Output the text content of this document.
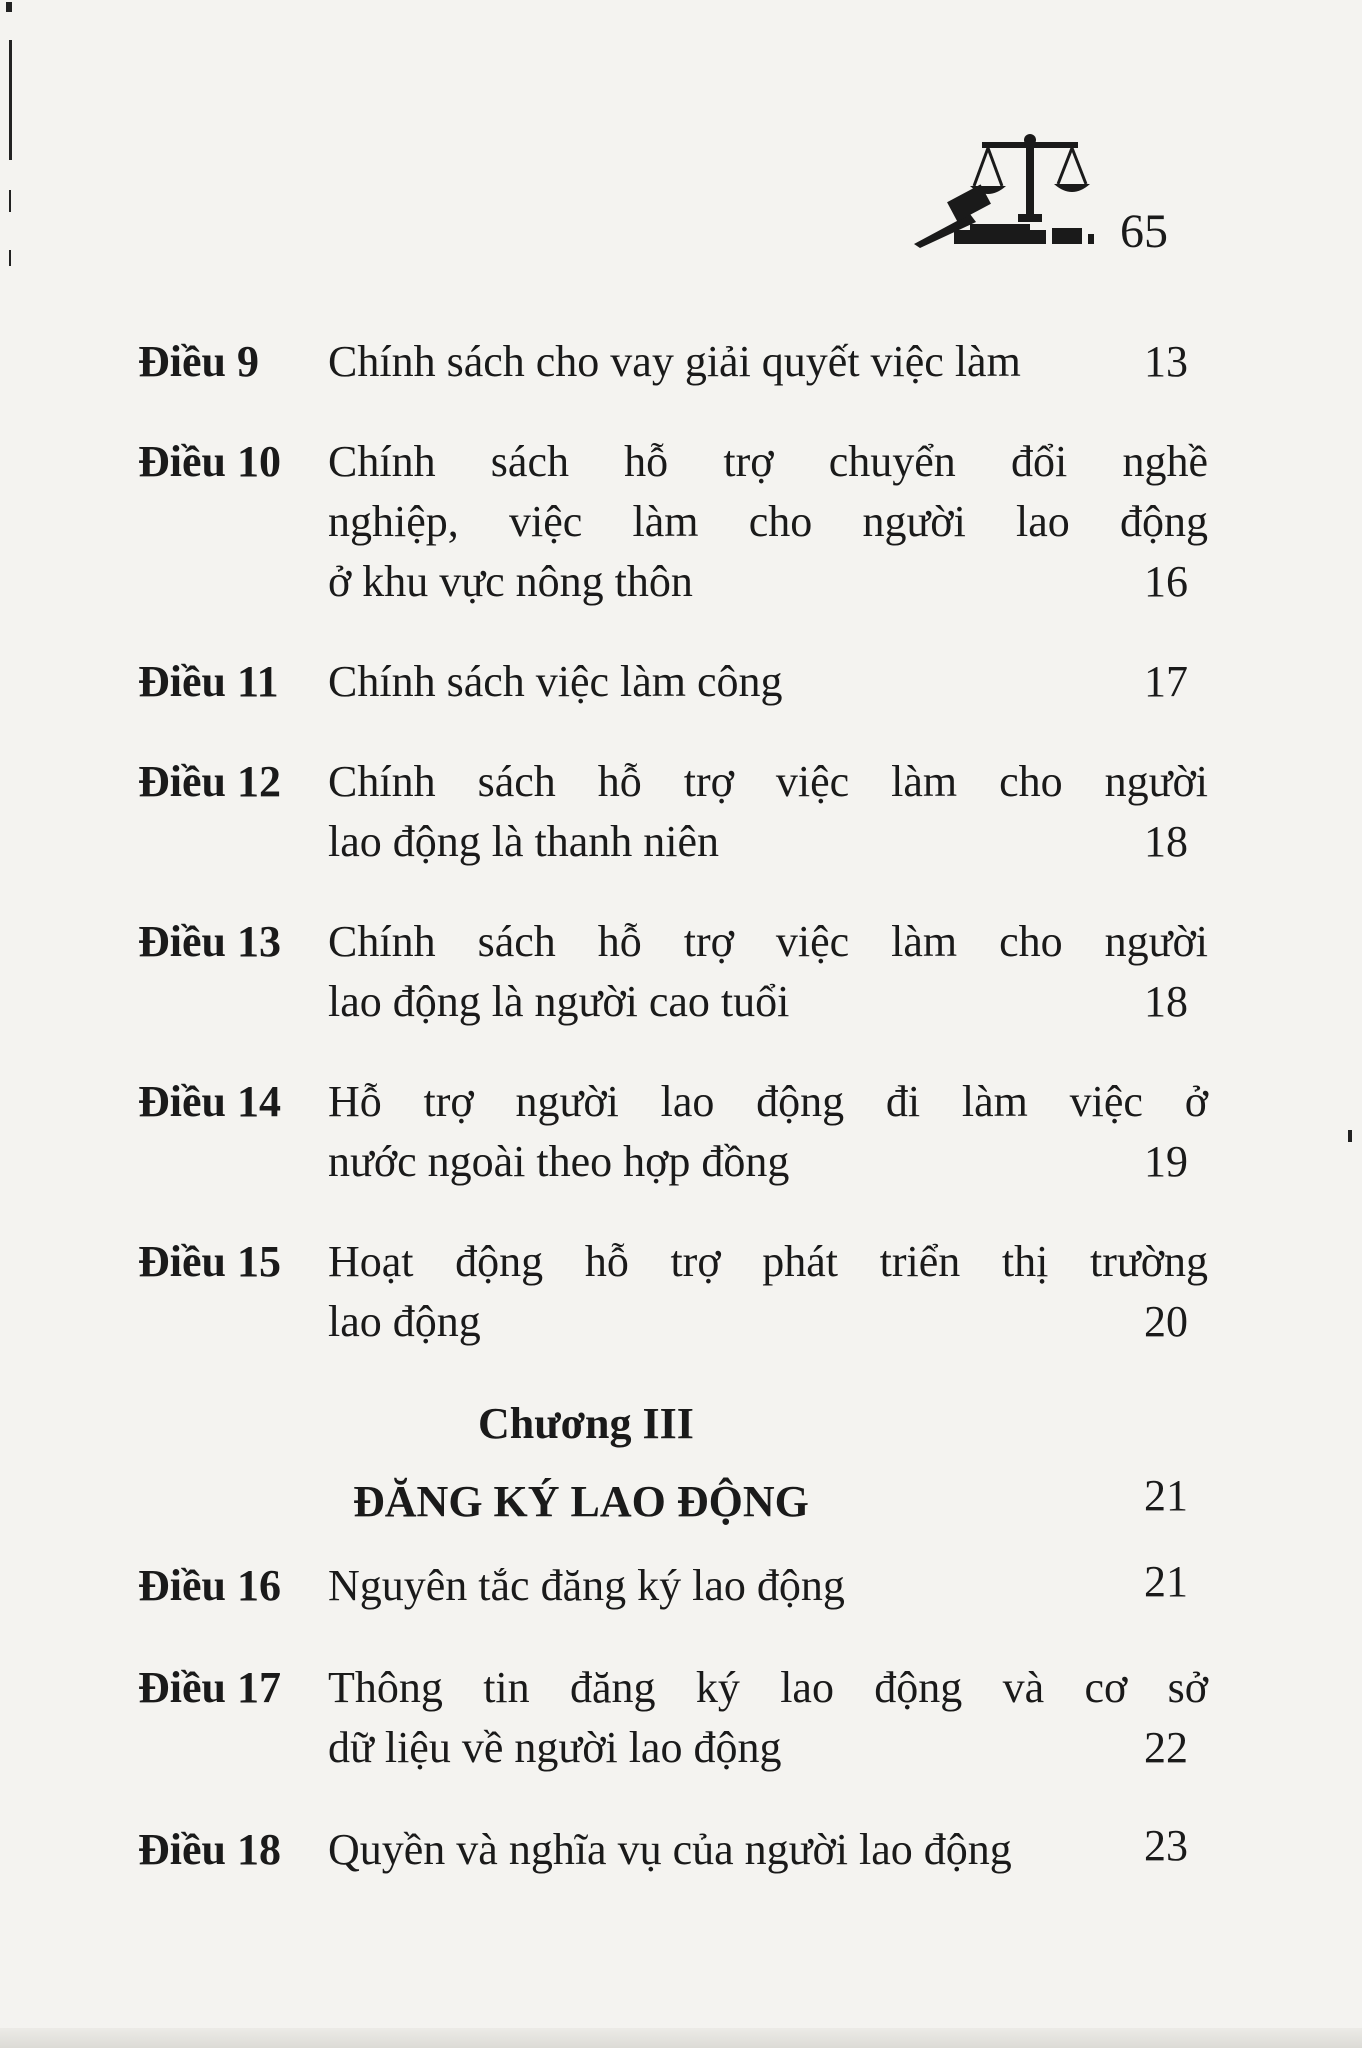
65
Điều 9 Chính sách cho vay giải quyết việc làm	13
Điều 10 Chính sách hỗ trợ chuyển đổi nghề
nghiệp, việc làm cho người lao động
ở khu vực nông thôn	16
Điều 11 Chính sách việc làm công	17
Điều 12 Chính sách hỗ trợ việc làm cho người
lao động là thanh niên	18
Điều 13 Chính sách hỗ trợ việc làm cho người
lao động là người cao tuổi	18
Điều 14 Hỗ trợ người lao động đi làm việc ở
nước ngoài theo hợp đồng	19
Điều 15 Hoạt động hỗ trợ phát triển thị trường
lao động	20
Chương III
ĐĂNG KÝ LAO ĐỘNG	21
Điều 16 Nguyên tắc đăng ký lao động	21
Điều 17 Thông tin đăng ký lao động và cơ sở
dữ liệu về người lao động	22
Điều 18 Quyền và nghĩa vụ của người lao động	23
